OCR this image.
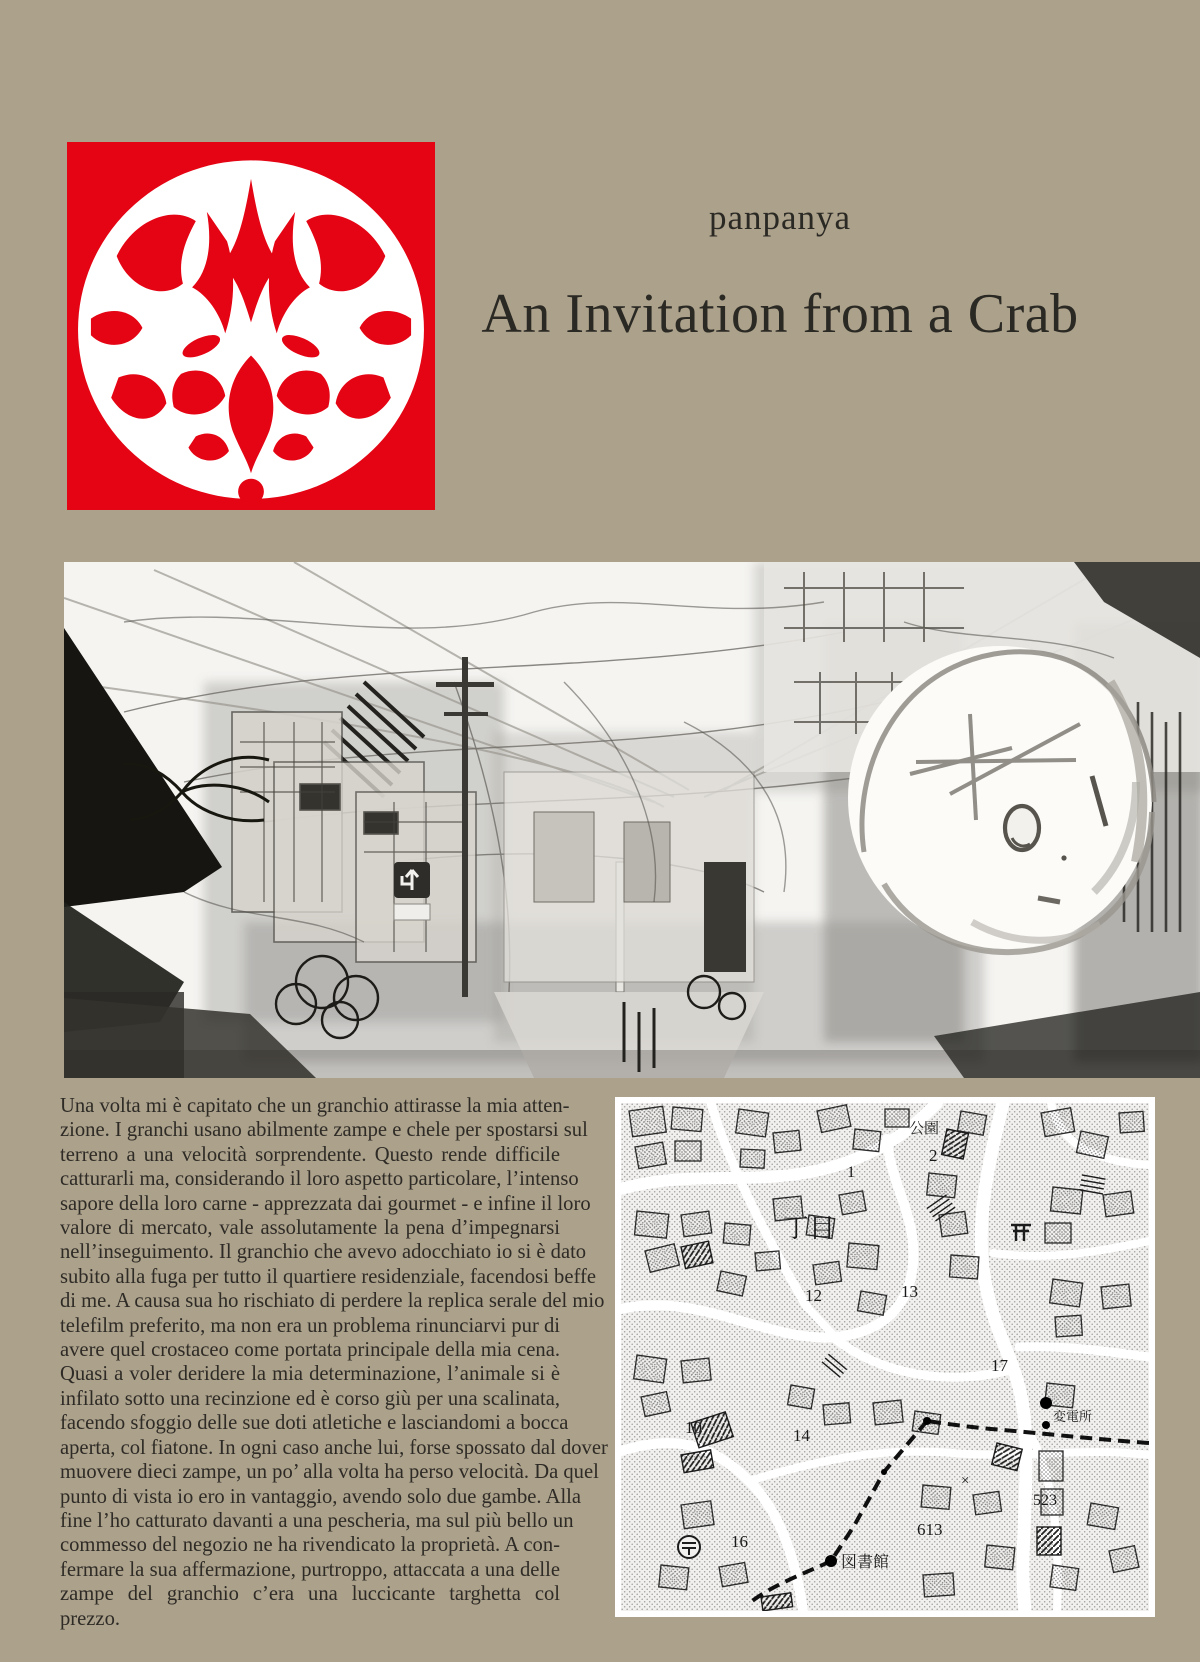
panpanya
An Invitation from a Crab

Una volta mi è capitato che un granchio attirasse la mia atten-

zione. I granchi usano abilmente zampe e chele per spostarsi sul

terreno a una velocità sorprendente. Questo rende difficile

catturarli ma, considerando il loro aspetto particolare, l’intenso

sapore della loro carne - apprezzata dai gourmet - e infine il loro

valore di mercato, vale assolutamente la pena d’impegnarsi

nell’inseguimento. Il granchio che avevo adocchiato io si è dato

subito alla fuga per tutto il quartiere residenziale, facendosi beffe

di me. A causa sua ho rischiato di perdere la replica serale del mio

telefilm preferito, ma non era un problema rinunciarvi pur di

avere quel crostaceo come portata principale della mia cena.

Quasi a voler deridere la mia determinazione, l’animale si è

infilato sotto una recinzione ed è corso giù per una scalinata,

facendo sfoggio delle sue doti atletiche e lasciandomi a bocca

aperta, col fiatone. In ogni caso anche lui, forse spossato dal dover

muovere dieci zampe, un po’ alla volta ha perso velocità. Da quel

punto di vista io ero in vantaggio, avendo solo due gambe. Alla

fine l’ho catturato davanti a una pescheria, ma sul più bello un

commesso del negozio ne ha rivendicato la proprietà. A con-

fermare la sua affermazione, purtroppo, attaccata a una delle

zampe del granchio c’era una luccicante targhetta col prezzo.

公園
2
1
丁目
12	13
17
10	14
×
523
613
16
図書館
変電所
